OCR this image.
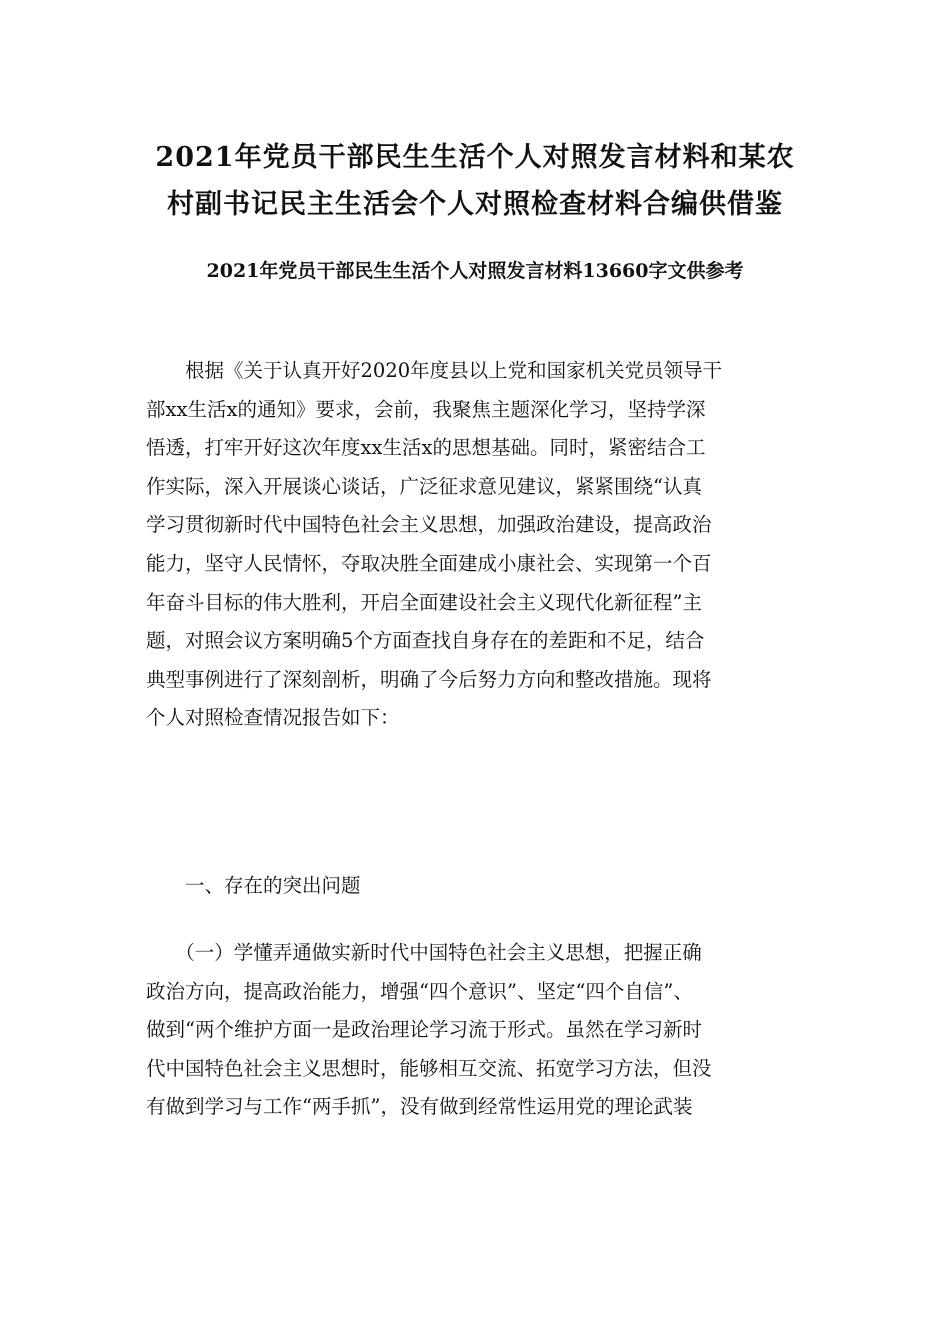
2021年党员干部民生生活个人对照发言材料和某农
村副书记民主生活会个人对照检查材料合编供借鉴
2021年党员干部民生生活个人对照发言材料13660字文供参考
　　根据《关于认真开好2020年度县以上党和国家机关党员领导干
部xx生活x的通知》要求，会前，我聚焦主题深化学习，坚持学深
悟透，打牢开好这次年度xx生活x的思想基础。同时，紧密结合工
作实际，深入开展谈心谈话，广泛征求意见建议，紧紧围绕“认真
学习贯彻新时代中国特色社会主义思想，加强政治建设，提高政治
能力，坚守人民情怀，夺取决胜全面建成小康社会、实现第一个百
年奋斗目标的伟大胜利，开启全面建设社会主义现代化新征程”主
题，对照会议方案明确5个方面查找自身存在的差距和不足，结合
典型事例进行了深刻剖析，明确了今后努力方向和整改措施。现将
个人对照检查情况报告如下：
　　一、存在的突出问题
　　（一）学懂弄通做实新时代中国特色社会主义思想，把握正确
政治方向，提高政治能力，增强“四个意识”、坚定“四个自信”、
做到“两个维护方面一是政治理论学习流于形式。虽然在学习新时
代中国特色社会主义思想时，能够相互交流、拓宽学习方法，但没
有做到学习与工作“两手抓”，没有做到经常性运用党的理论武装
